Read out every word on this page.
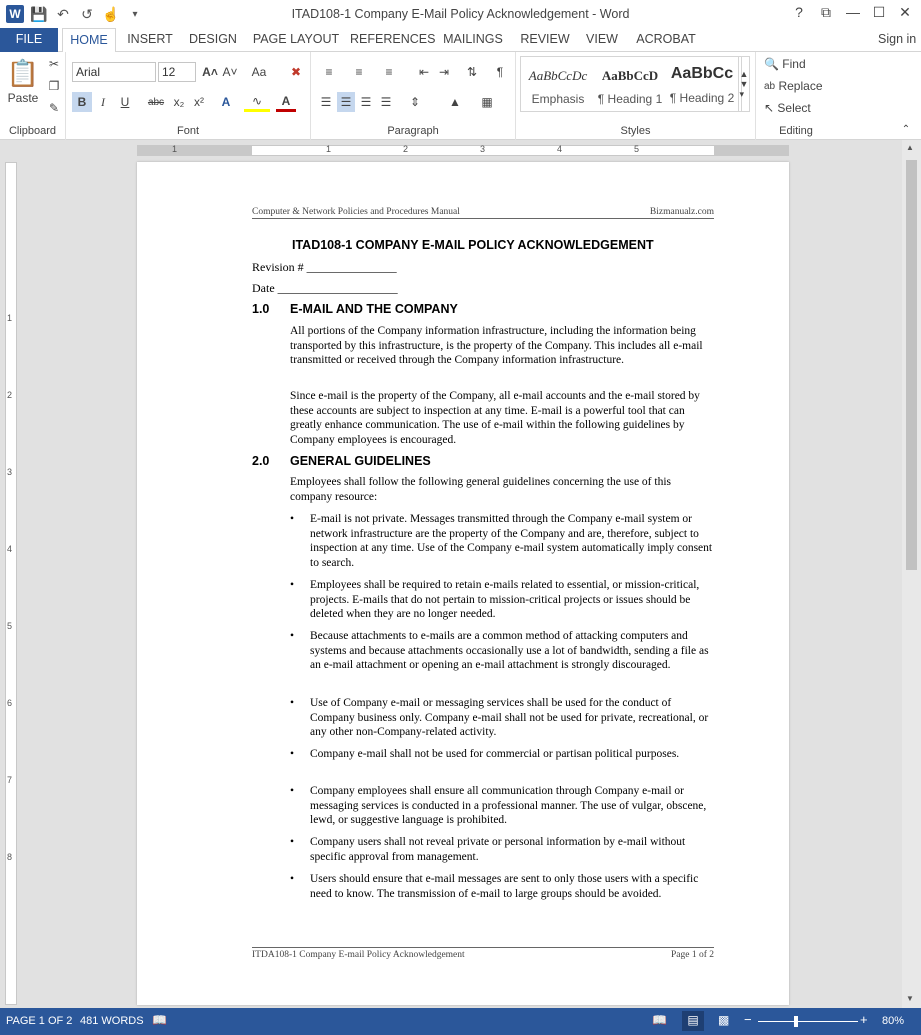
W 💾 ↶ ↺ ☝	▾	ITAD108-1 Company E-Mail Policy Acknowledgement - Word	?	⧉	— ☐ ✕
FILE	HOME	INSERT DESIGN PAGE LAYOUT REFERENCES MAILINGS REVIEW	VIEW	ACROBAT	Sign in
📋
Paste
✂
❐
✎
Clipboard
Arial	12	A˄ A˅	Aa	✖
B	I	U	abc x₂ x²	A	∿	A
Font
≡	≡	≡	⇤ ⇥	⇅	¶
☰ ☰ ☰ ☰	⇕	▲	▦
Paragraph
AaBbCcDc
Emphasis
AaBbCcD
¶ Heading 1
AaBbCc
¶ Heading 2
▲
▼
▾
Styles
🔍
Find
ab
Replace
↖
Select
Editing	⌃
1	1	2	3	4	5
1
2
3
4
5
6
7
8
Computer & Network Policies and Procedures Manual	Bizmanualz.com
ITAD108-1 COMPANY E-MAIL POLICY ACKNOWLEDGEMENT
Revision # _______________
Date ____________________
1.0 E-MAIL AND THE COMPANY
All portions of the Company information infrastructure, including the information being transported by this infrastructure, is the property of the Company. This includes all e-mail transmitted or received through the Company information infrastructure.
Since e-mail is the property of the Company, all e-mail accounts and the e-mail stored by these accounts are subject to inspection at any time. E-mail is a powerful tool that can greatly enhance communication. The use of e-mail within the following guidelines by Company employees is encouraged.
2.0 GENERAL GUIDELINES
Employees shall follow the following general guidelines concerning the use of this company resource:
• E-mail is not private. Messages transmitted through the Company e-mail system or network infrastructure are the property of the Company and are, therefore, subject to inspection at any time. Use of the Company e-mail system automatically imply consent to search.
• Employees shall be required to retain e-mails related to essential, or mission-critical, projects. E-mails that do not pertain to mission-critical projects or issues should be deleted when they are no longer needed.
• Because attachments to e-mails are a common method of attacking computers and systems and because attachments occasionally use a lot of bandwidth, sending a file as an e-mail attachment or opening an e-mail attachment is strongly discouraged.
• Use of Company e-mail or messaging services shall be used for the conduct of Company business only. Company e-mail shall not be used for private, recreational, or any other non-Company-related activity.
• Company e-mail shall not be used for commercial or partisan political purposes.
• Company employees shall ensure all communication through Company e-mail or messaging services is conducted in a professional manner. The use of vulgar, obscene, lewd, or suggestive language is prohibited.
• Company users shall not reveal private or personal information by e-mail without specific approval from management.
• Users should ensure that e-mail messages are sent to only those users with a specific need to know. The transmission of e-mail to large groups should be avoided.
ITDA108-1 Company E-mail Policy Acknowledgement	Page 1 of 2
▲
▼
PAGE 1 OF 2 481 WORDS 📖	📖	▤	▩ −	+ 80%
